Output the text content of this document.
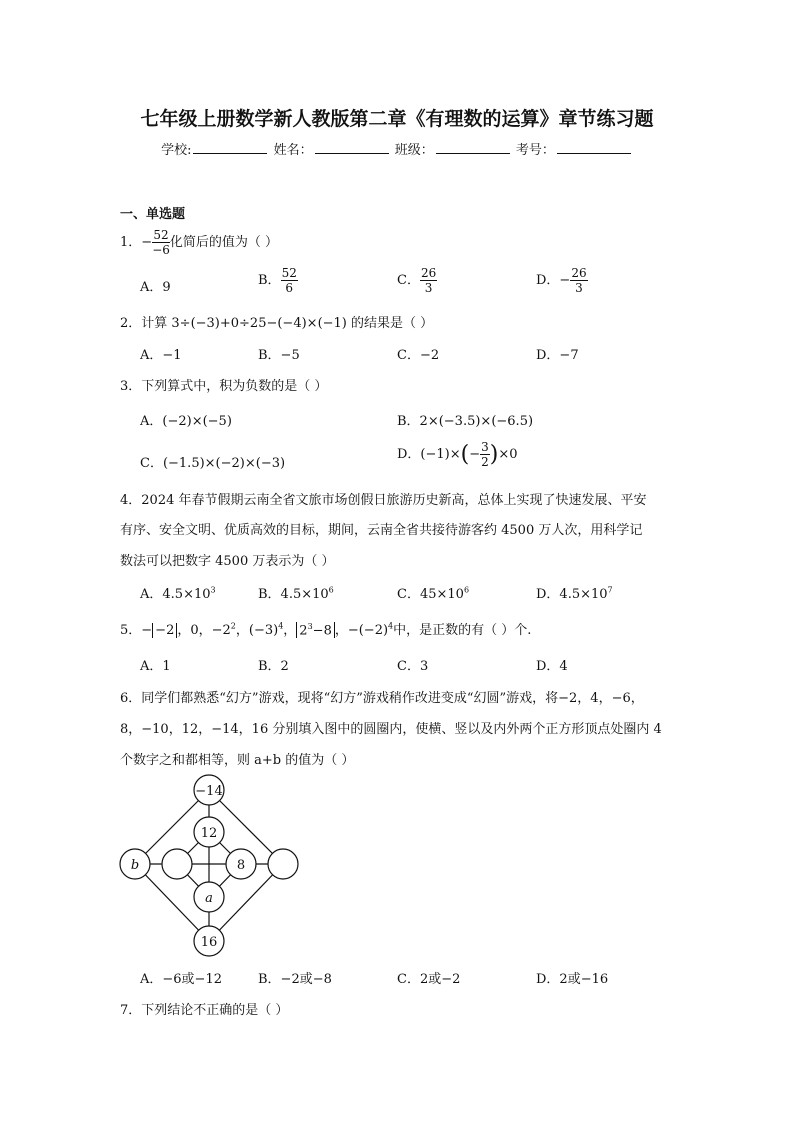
七年级上册数学新人教版第二章《有理数的运算》章节练习题
学校:	姓名：	班级：	考号：
一、单选题
1．− $\frac{52}{-6}$ 化简后的值为（ ）
A．9	B． $\frac{52}{6}$	C． $\frac{26}{3}$	D．− $\frac{26}{3}$
2．计算 3÷(−3)+0÷25−(−4)×(−1) 的结果是（ ）
A．−1	B．−5	C．−2	D．−7
3．下列算式中，积为负数的是（ ）
A．(−2)×(−5)	B．2×(−3.5)×(−6.5)
C．(−1.5)×(−2)×(−3)
D．$(-1)\times(- \frac{3}{2} )\times 0$
4．2024 年春节假期云南全省文旅市场创假日旅游历史新高，总体上实现了快速发展、平安
有序、安全文明、优质高效的目标，期间，云南全省共接待游客约 4500 万人次，用科学记
数法可以把数字 4500 万表示为（ ）
A．$4.5\times 10^3$	B．$4.5\times 10^6$	C．$45\times 10^6$	D．$4.5\times 10^7$
5．− −2 ，0，$-2^2$，$(-3)^4$， $2^3-8$ ，$-(-2)^4$中，是正数的有（ ）个.
A．1	B．2	C．3	D．4
6．同学们都熟悉“幻方”游戏，现将“幻方”游戏稍作改进变成“幻圆”游戏，将−2，4，−6，
8，−10，12，−14，16 分别填入图中的圆圈内，使横、竖以及内外两个正方形顶点处圈内 4
个数字之和都相等，则 a+b 的值为（ ）
−14
12
b	8
a
16
A．−6或−12	B．−2或−8	C．2或−2	D．2或−16
7．下列结论不正确的是（ ）
